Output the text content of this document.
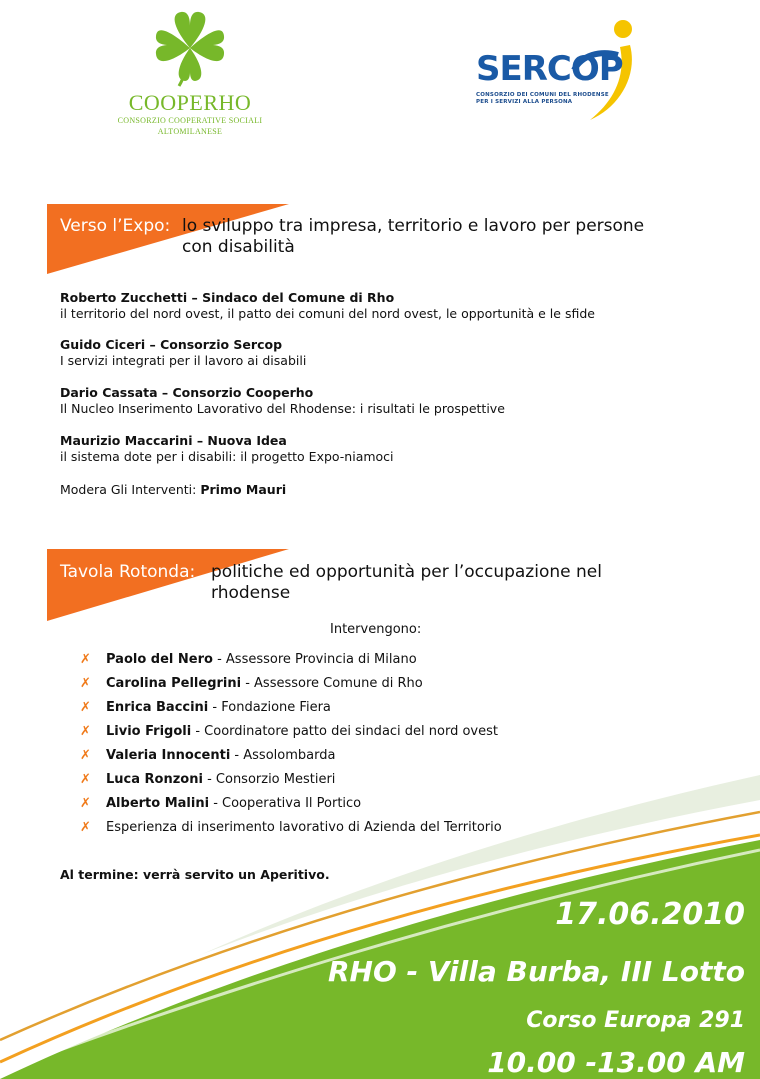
COOPERHO
CONSORZIO COOPERATIVE SOCIALI
ALTOMILANESE
SERCOP
CONSORZIO DEI COMUNI DEL RHODENSE
PER I SERVIZI ALLA PERSONA
Verso l’Expo: lo sviluppo tra impresa, territorio e lavoro per persone
con disabilità
Roberto Zucchetti – Sindaco del Comune di Rho
il territorio del nord ovest, il patto dei comuni del nord ovest, le opportunità e le sfide
Guido Ciceri – Consorzio Sercop
I servizi integrati per il lavoro ai disabili
Dario Cassata – Consorzio Cooperho
Il Nucleo Inserimento Lavorativo del Rhodense: i risultati le prospettive
Maurizio Maccarini – Nuova Idea
il sistema dote per i disabili: il progetto Expo-niamoci
Modera Gli Interventi: Primo Mauri
Tavola Rotonda: politiche ed opportunità per l’occupazione nel
rhodense
Intervengono:
✗ Paolo del Nero - Assessore Provincia di Milano
✗ Carolina Pellegrini - Assessore Comune di Rho
✗ Enrica Baccini - Fondazione Fiera
✗ Livio Frigoli - Coordinatore patto dei sindaci del nord ovest
✗ Valeria Innocenti - Assolombarda
✗ Luca Ronzoni - Consorzio Mestieri
✗ Alberto Malini - Cooperativa Il Portico
✗ Esperienza di inserimento lavorativo di Azienda del Territorio
Al termine: verrà servito un Aperitivo.
17.06.2010
RHO - Villa Burba, III Lotto
Corso Europa 291
10.00 -13.00 AM
